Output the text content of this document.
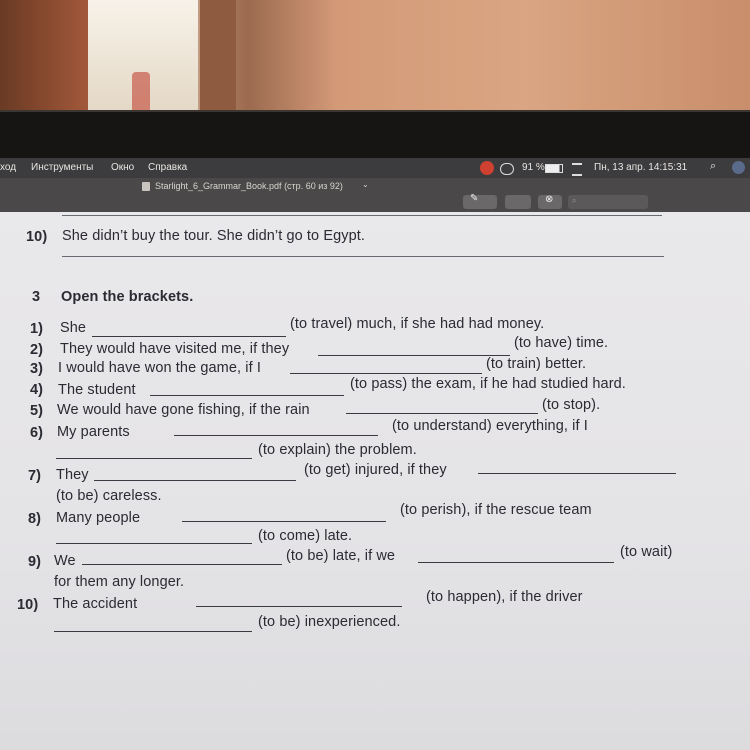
ход Инструменты Окно Справка	91 %	Пн, 13 апр. 14:15:31 ⌕
Starlight_6_Grammar_Book.pdf (стр. 60 из 92) ⌄
✎	⊗ ⌕
10) She didn’t buy the tour. She didn’t go to Egypt.
3 Open the brackets.
1) She	(to travel) much, if she had had money.
2) They would have visited me, if they	(to have) time.
3) I would have won the game, if I	(to train) better.
4) The student	(to pass) the exam, if he had studied hard.
5) We would have gone fishing, if the rain	(to stop).
6) My parents	(to understand) everything, if I
(to explain) the problem.
7) They	(to get) injured, if they
(to be) careless.
8) Many people	(to perish), if the rescue team
(to come) late.
9) We	(to be) late, if we	(to wait)
for them any longer.
10) The accident	(to happen), if the driver
(to be) inexperienced.
